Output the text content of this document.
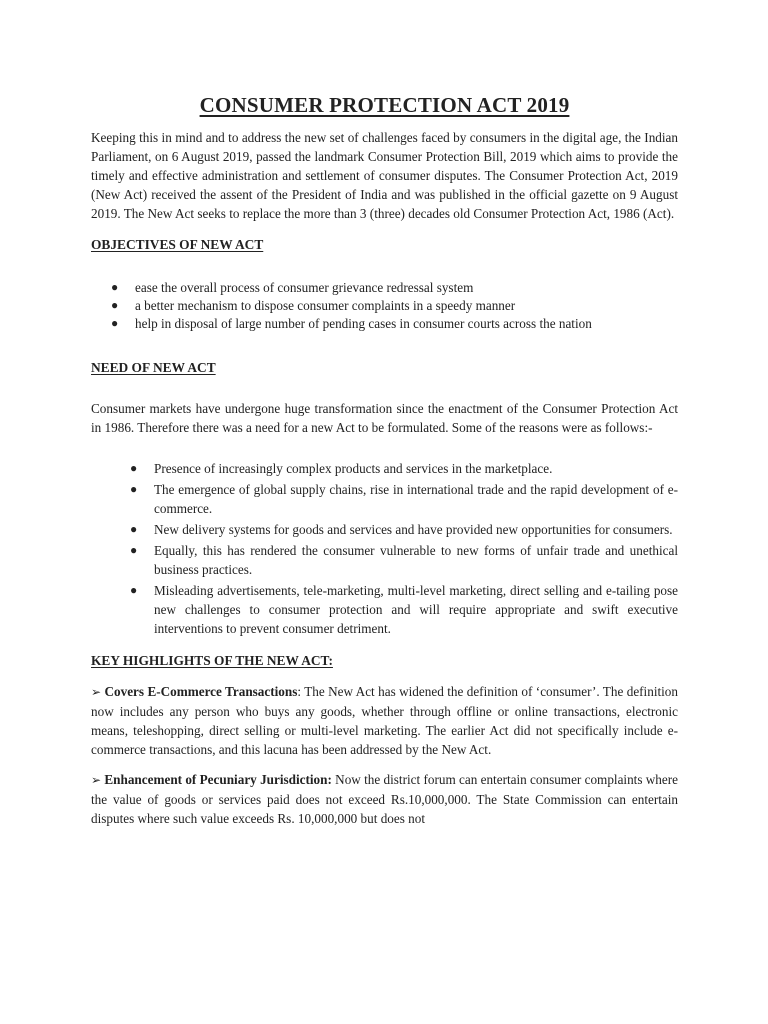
CONSUMER PROTECTION ACT 2019

Keeping this in mind and to address the new set of challenges faced by consumers in the digital age, the Indian Parliament, on 6 August 2019, passed the landmark Consumer Protection Bill, 2019 which aims to provide the timely and effective administration and settlement of consumer disputes. The Consumer Protection Act, 2019 (New Act) received the assent of the President of India and was published in the official gazette on 9 August 2019. The New Act seeks to replace the more than 3 (three) decades old Consumer Protection Act, 1986 (Act).

OBJECTIVES OF NEW ACT
● ease the overall process of consumer grievance redressal system
● a better mechanism to dispose consumer complaints in a speedy manner
● help in disposal of large number of pending cases in consumer courts across the nation
NEED OF NEW ACT

Consumer markets have undergone huge transformation since the enactment of the Consumer Protection Act in 1986. Therefore there was a need for a new Act to be formulated. Some of the reasons were as follows:-

● Presence of increasingly complex products and services in the marketplace.
● The emergence of global supply chains, rise in international trade and the rapid development of e-commerce.
● New delivery systems for goods and services and have provided new opportunities for consumers.
● Equally, this has rendered the consumer vulnerable to new forms of unfair trade and unethical business practices.
● Misleading advertisements, tele-marketing, multi-level marketing, direct selling and e-tailing pose new challenges to consumer protection and will require appropriate and swift executive interventions to prevent consumer detriment.
KEY HIGHLIGHTS OF THE NEW ACT:

➢ Covers E-Commerce Transactions: The New Act has widened the definition of ‘consumer’. The definition now includes any person who buys any goods, whether through offline or online transactions, electronic means, teleshopping, direct selling or multi-level marketing. The earlier Act did not specifically include e-commerce transactions, and this lacuna has been addressed by the New Act.

➢ Enhancement of Pecuniary Jurisdiction: Now the district forum can entertain consumer complaints where the value of goods or services paid does not exceed Rs.10,000,000. The State Commission can entertain disputes where such value exceeds Rs. 10,000,000 but does not
